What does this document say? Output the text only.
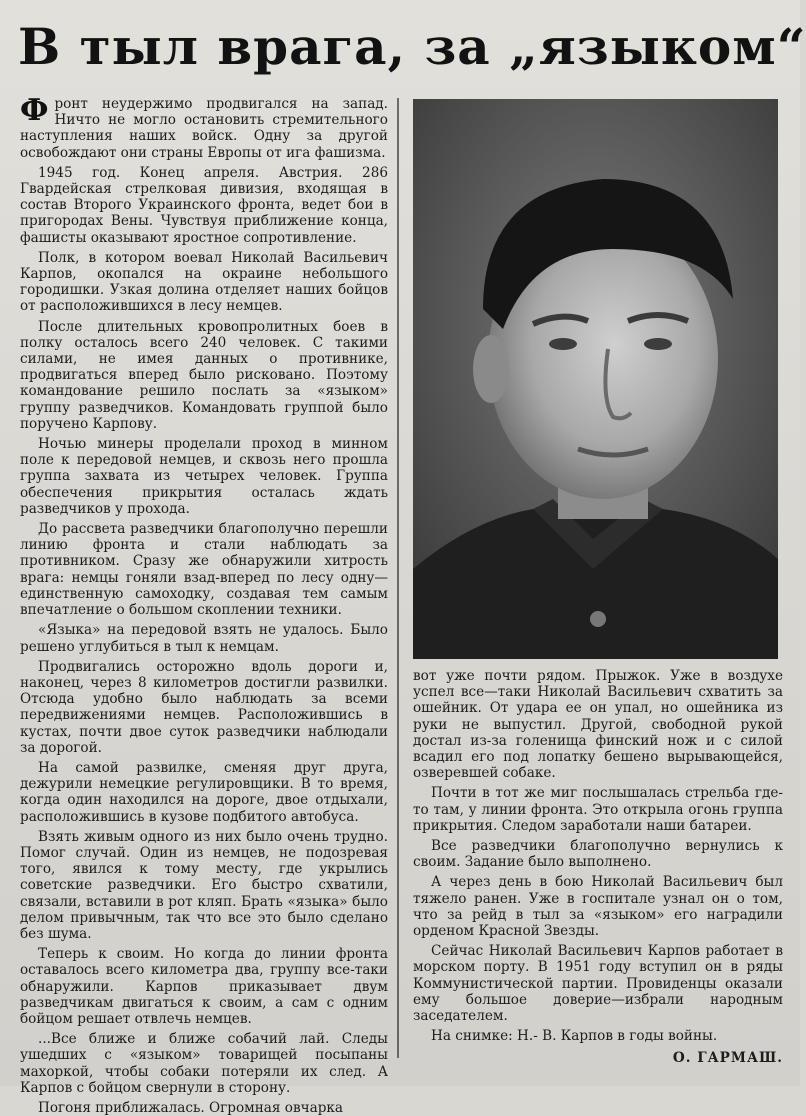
В тыл врага, за „языком“

Фронт неудержимо продвигался на запад. Ничто не могло остановить стремительного наступления наших войск. Одну за другой освобождают они страны Европы от ига фашизма.

1945 год. Конец апреля. Австрия. 286 Гвардейская стрелковая дивизия, входящая в состав Второго Украинского фронта, ведет бои в пригородах Вены. Чувствуя приближение конца, фашисты оказывают яростное сопротивление.

Полк, в котором воевал Николай Васильевич Карпов, окопался на окраине небольшого городишки. Узкая долина отделяет наших бойцов от расположившихся в лесу немцев.

После длительных кровопролитных боев в полку осталось всего 240 человек. С такими силами, не имея данных о противнике, продвигаться вперед было рисковано. Поэтому командование решило послать за «языком» группу разведчиков. Командовать группой было поручено Карпову.

Ночью минеры проделали проход в минном поле к передовой немцев, и сквозь него прошла группа захвата из четырех человек. Группа обеспечения прикрытия осталась ждать разведчиков у прохода.

До рассвета разведчики благополучно перешли линию фронта и стали наблюдать за противником. Сразу же обнаружили хитрость врага: немцы гоняли взад-вперед по лесу одну—единственную самоходку, создавая тем самым впечатление о большом скоплении техники.

«Языка» на передовой взять не удалось. Было решено углубиться в тыл к немцам.

Продвигались осторожно вдоль дороги и, наконец, через 8 километров достигли развилки. Отсюда удобно было наблюдать за всеми передвижениями немцев. Расположившись в кустах, почти двое суток разведчики наблюдали за дорогой.

На самой развилке, сменяя друг друга, дежурили немецкие регулировщики. В то время, когда один находился на дороге, двое отдыхали, расположившись в кузове подбитого автобуса.

Взять живым одного из них было очень трудно. Помог случай. Один из немцев, не подозревая того, явился к тому месту, где укрылись советские разведчики. Его быстро схватили, связали, вставили в рот кляп. Брать «языка» было делом привычным, так что все это было сделано без шума.

Теперь к своим. Но когда до линии фронта оставалось всего километра два, группу все-таки обнаружили. Карпов приказывает двум разведчикам двигаться к своим, а сам с одним бойцом решает отвлечь немцев.

...Все ближе и ближе собачий лай. Следы ушедших с «языком» товарищей посыпаны махоркой, чтобы собаки потеряли их след. А Карпов с бойцом свернули в сторону.

Погоня приближалась. Огромная овчарка

вот уже почти рядом. Прыжок. Уже в воздухе успел все—таки Николай Васильевич схватить за ошейник. От удара ее он упал, но ошейника из руки не выпустил. Другой, свободной рукой достал из-за голенища финский нож и с силой всадил его под лопатку бешено вырывающейся, озверевшей собаке.

Почти в тот же миг послышалась стрельба где-то там, у линии фронта. Это открыла огонь группа прикрытия. Следом заработали наши батареи.

Все разведчики благополучно вернулись к своим. Задание было выполнено.

А через день в бою Николай Васильевич был тяжело ранен. Уже в госпитале узнал он о том, что за рейд в тыл за «языком» его наградили орденом Красной Звезды.

Сейчас Николай Васильевич Карпов работает в морском порту. В 1951 году вступил он в ряды Коммунистической партии. Провиденцы оказали ему большое доверие—избрали народным заседателем.

На снимке: Н.- В. Карпов в годы войны.

О. ГАРМАШ.
